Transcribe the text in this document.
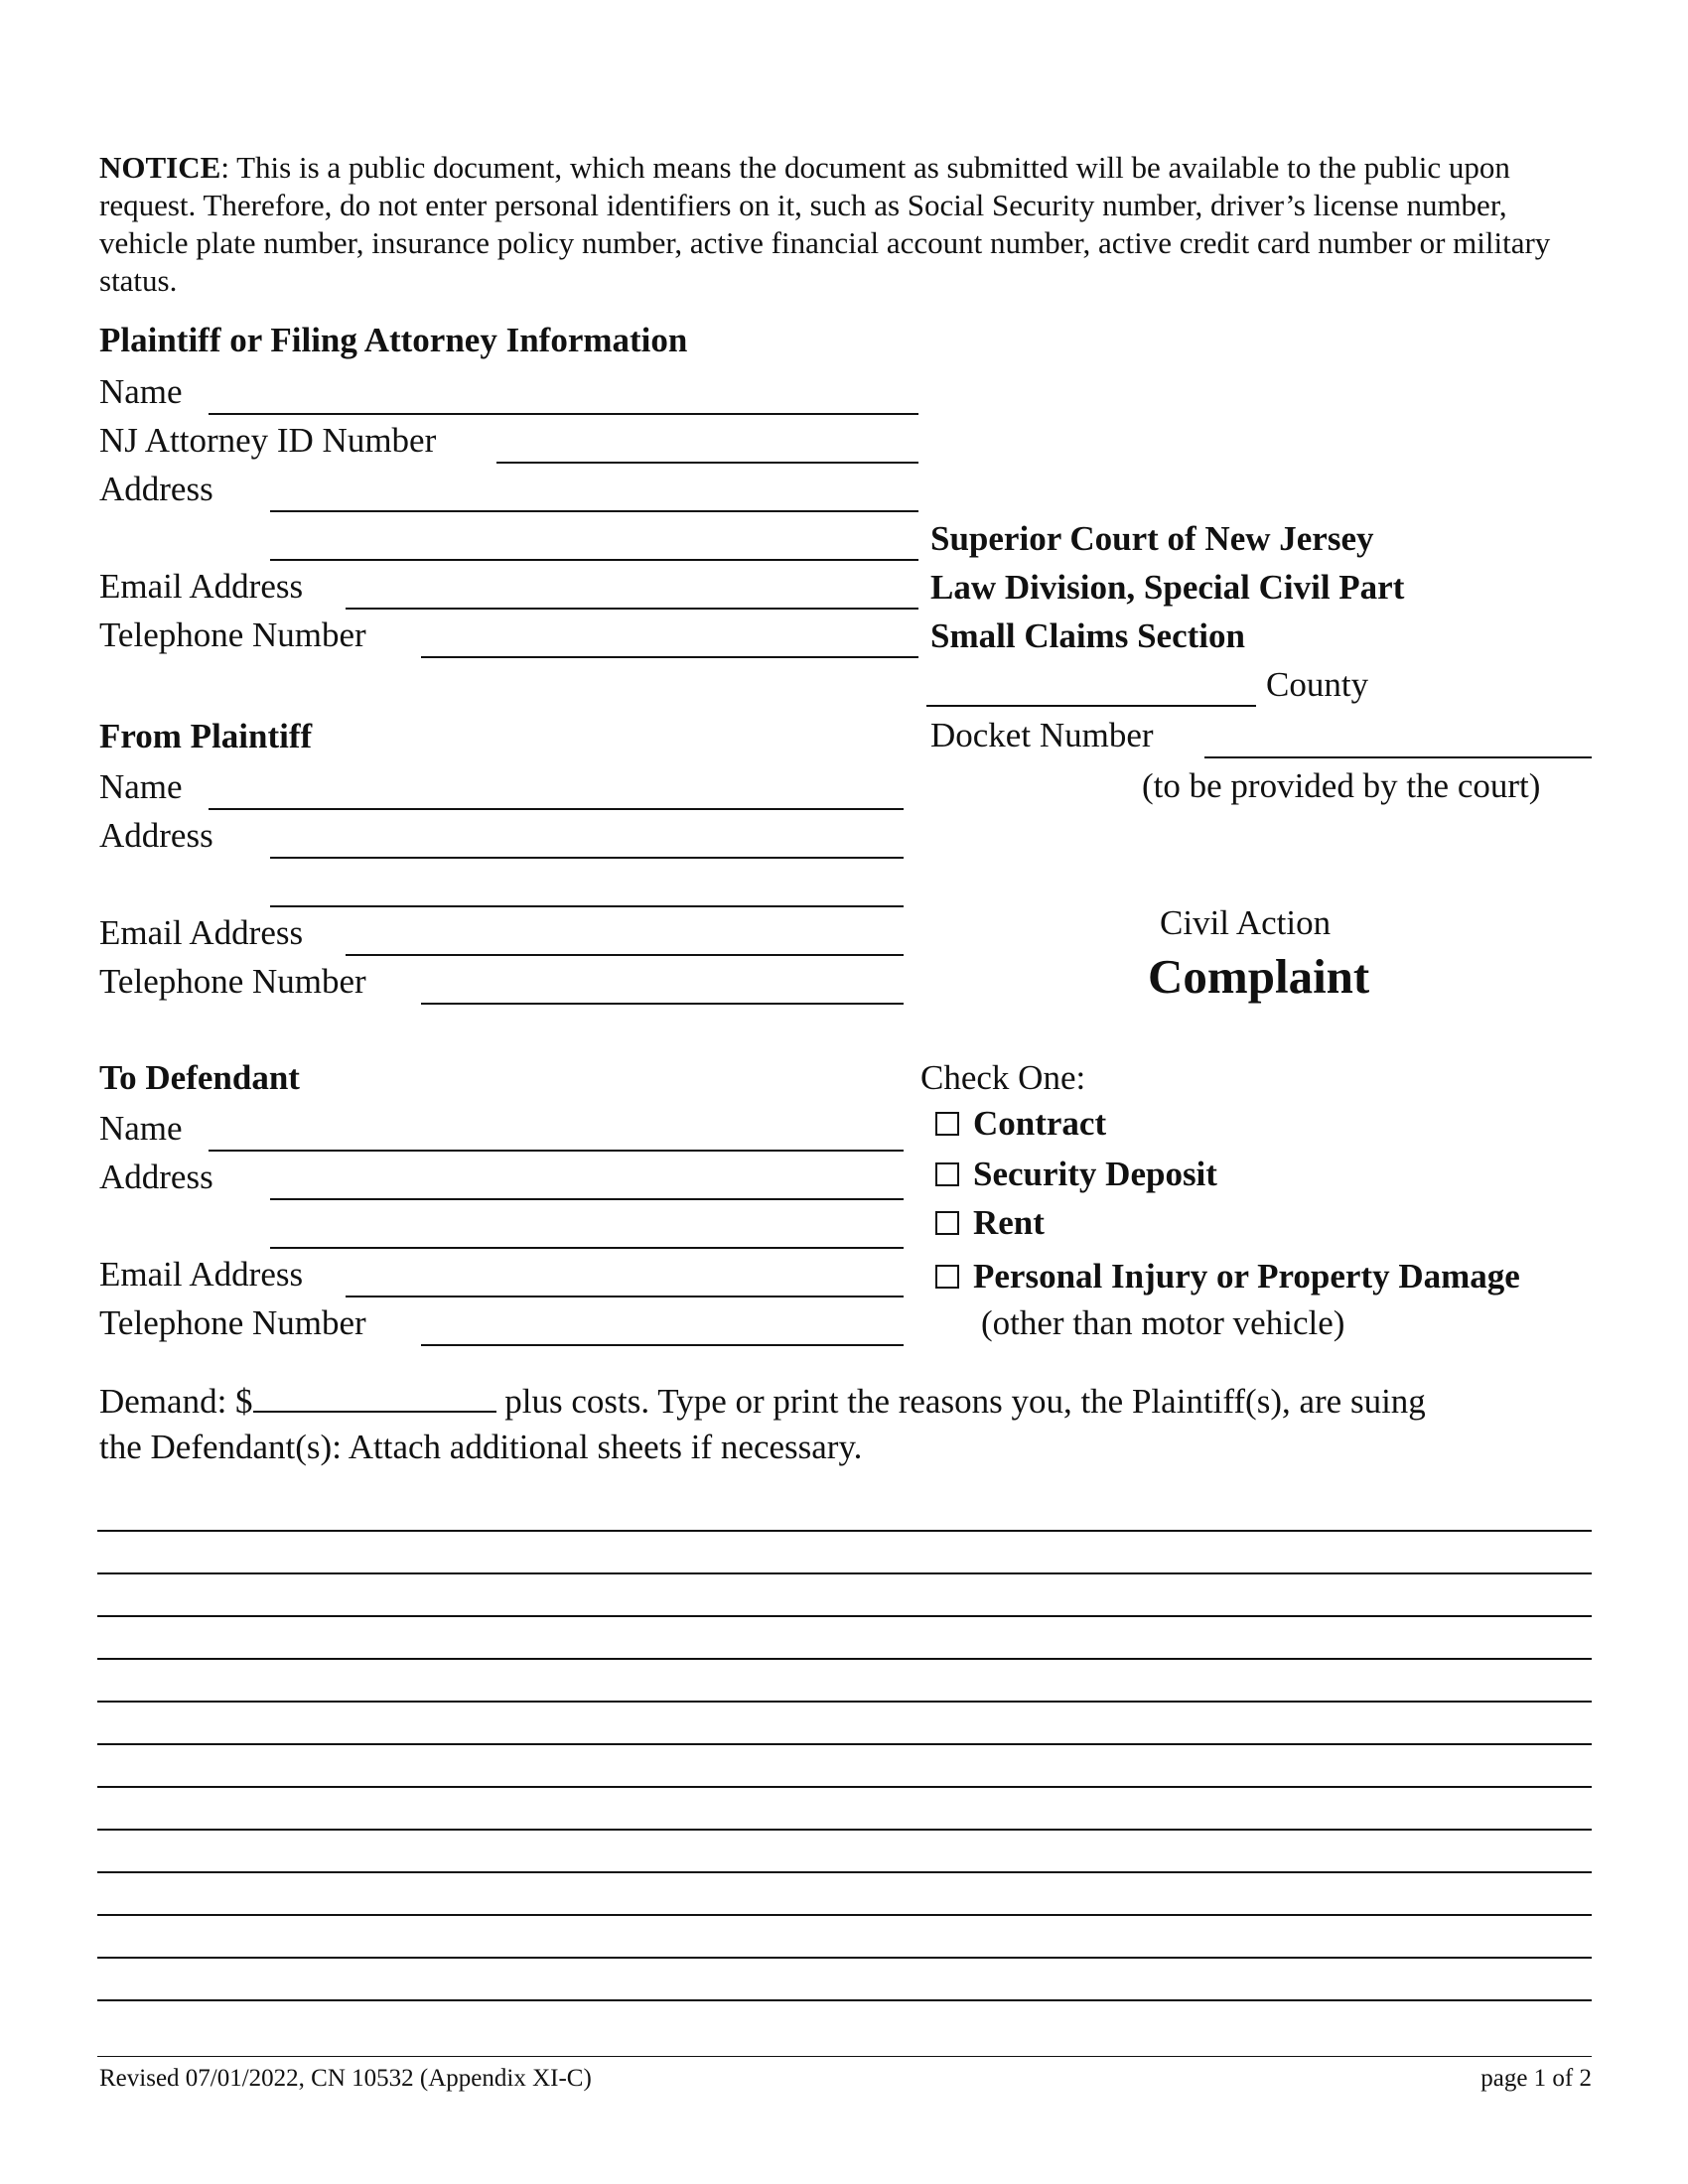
NOTICE: This is a public document, which means the document as submitted will be available to the public upon request. Therefore, do not enter personal identifiers on it, such as Social Security number, driver’s license number, vehicle plate number, insurance policy number, active financial account number, active credit card number or military status.
Plaintiff or Filing Attorney Information
Name
NJ Attorney ID Number
Address
Email Address
Telephone Number
Superior Court of New Jersey
Law Division, Special Civil Part
Small Claims Section
County
Docket Number
(to be provided by the court)
Civil Action
Complaint
From Plaintiff
Name
Address
Email Address
Telephone Number
To Defendant
Name
Address
Email Address
Telephone Number
Check One:
Contract
Security Deposit
Rent
Personal Injury or Property Damage
(other than motor vehicle)
Demand: $	plus costs. Type or print the reasons you, the Plaintiff(s), are suing
the Defendant(s): Attach additional sheets if necessary.
Revised 07/01/2022, CN 10532 (Appendix XI-C)	page 1 of 2
